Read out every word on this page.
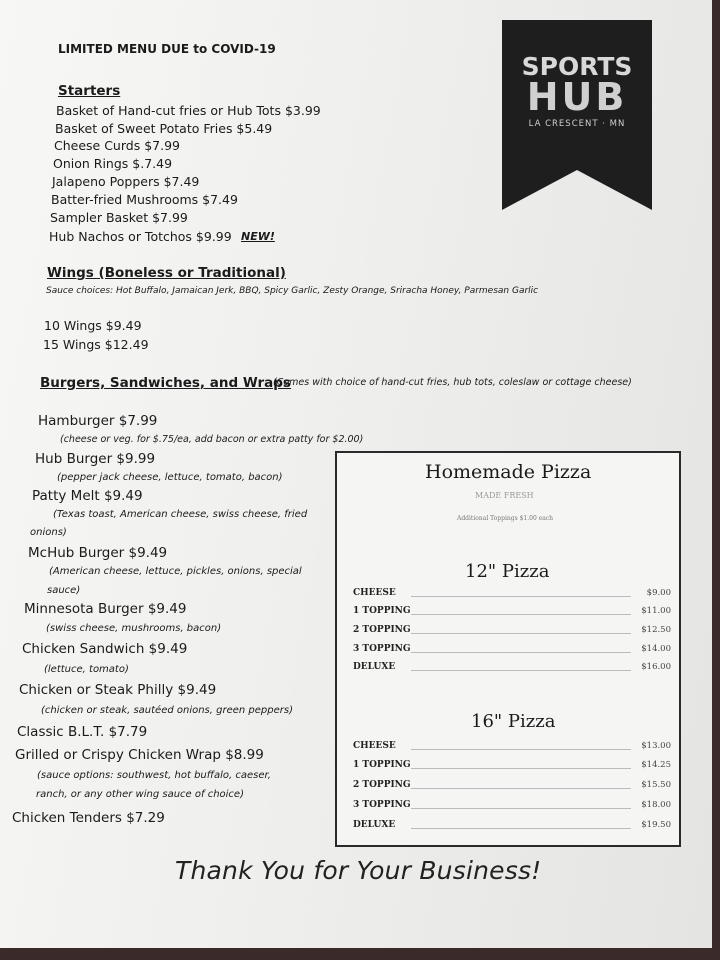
LIMITED MENU DUE to COVID-19
SPORTS
HUB
LA CRESCENT · MN
Starters
Basket of Hand-cut fries or Hub Tots $3.99
Basket of Sweet Potato Fries $5.49
Cheese Curds $7.99
Onion Rings $.7.49
Jalapeno Poppers $7.49
Batter-fried Mushrooms $7.49
Sampler Basket $7.99
Hub Nachos or Totchos $9.99 NEW!
Wings (Boneless or Traditional)
Sauce choices: Hot Buffalo, Jamaican Jerk, BBQ, Spicy Garlic, Zesty Orange, Sriracha Honey, Parmesan Garlic
10 Wings $9.49
15 Wings $12.49
Burgers, Sandwiches, and Wraps
(Comes with choice of hand-cut fries, hub tots, coleslaw or cottage cheese)
Hamburger $7.99
(cheese or veg. for $.75/ea, add bacon or extra patty for $2.00)
Hub Burger $9.99
(pepper jack cheese, lettuce, tomato, bacon)
Patty Melt $9.49
(Texas toast, American cheese, swiss cheese, fried
onions)
McHub Burger $9.49
(American cheese, lettuce, pickles, onions, special
sauce)
Minnesota Burger $9.49
(swiss cheese, mushrooms, bacon)
Chicken Sandwich $9.49
(lettuce, tomato)
Chicken or Steak Philly $9.49
(chicken or steak, sautéed onions, green peppers)
Classic B.L.T. $7.79
Grilled or Crispy Chicken Wrap $8.99
(sauce options: southwest, hot buffalo, caeser,
ranch, or any other wing sauce of choice)
Chicken Tenders $7.29
Homemade Pizza
MADE FRESH
Additional Toppings $1.00 each
12" Pizza
CHEESE	$9.00
1 TOPPING	$11.00
2 TOPPING	$12.50
3 TOPPING	$14.00
DELUXE	$16.00
16" Pizza
CHEESE	$13.00
1 TOPPING	$14.25
2 TOPPING	$15.50
3 TOPPING	$18.00
DELUXE	$19.50
Thank You for Your Business!
